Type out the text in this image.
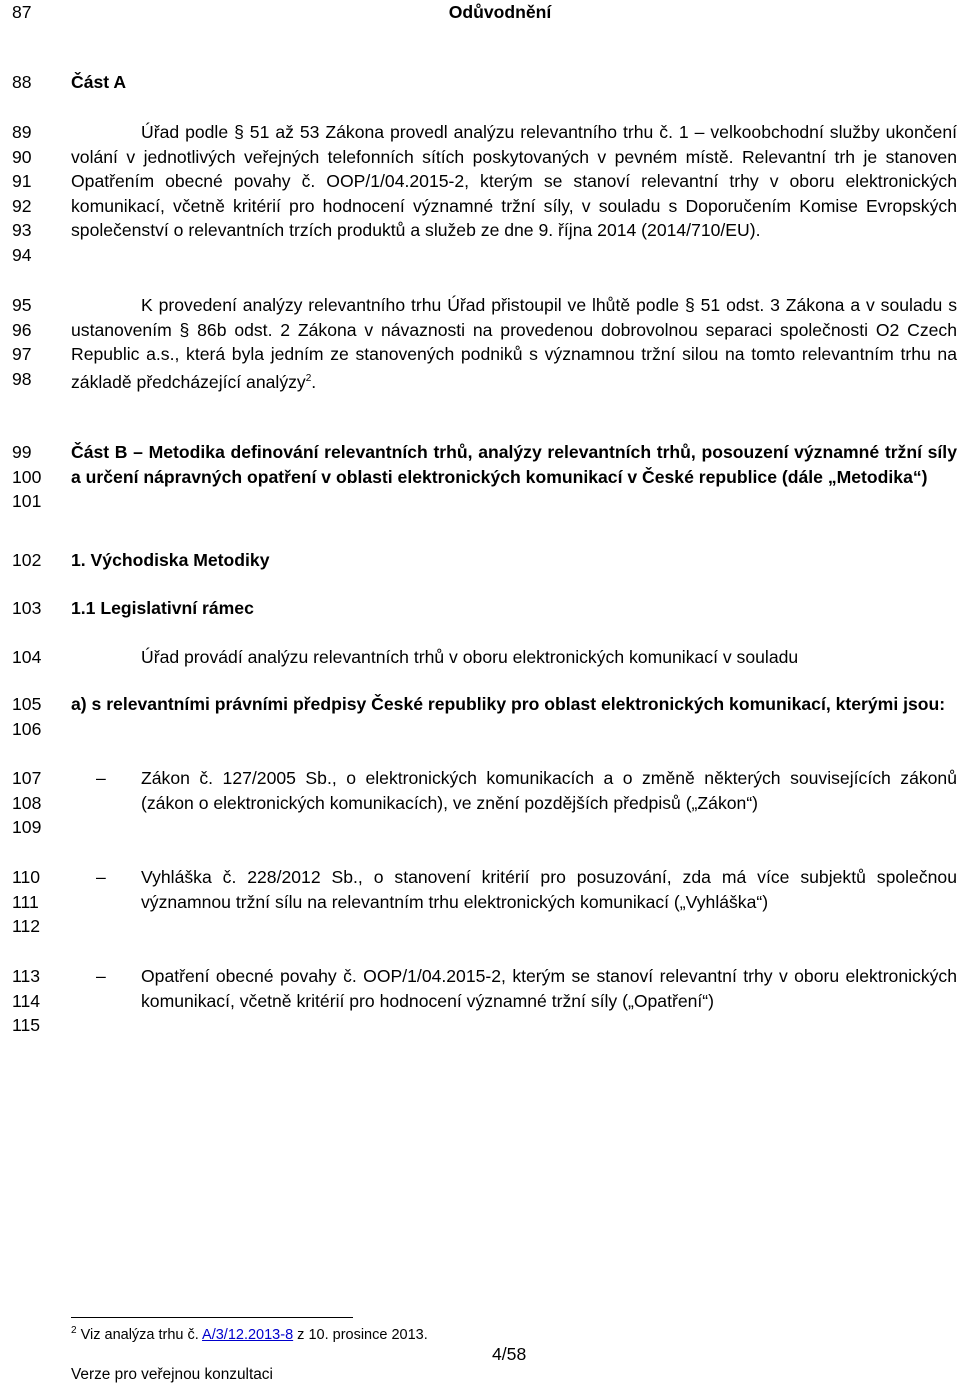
87	Odůvodnění
88	Část A
89
90
91
92
93
94

Úřad podle § 51 až 53 Zákona provedl analýzu relevantního trhu č. 1 – velkoobchodní služby ukončení volání v jednotlivých veřejných telefonních sítích poskytovaných v pevném místě. Relevantní trh je stanoven Opatřením obecné povahy č. OOP/1/04.2015-2, kterým se stanoví relevantní trhy v oboru elektronických komunikací, včetně kritérií pro hodnocení významné tržní síly, v souladu s Doporučením Komise Evropských společenství o relevantních trzích produktů a služeb ze dne 9. října 2014 (2014/710/EU).

95
96
97
98

K provedení analýzy relevantního trhu Úřad přistoupil ve lhůtě podle § 51 odst. 3 Zákona a v souladu s ustanovením § 86b odst. 2 Zákona v návaznosti na provedenou dobrovolnou separaci společnosti O2 Czech Republic a.s., která byla jedním ze stanovených podniků s významnou tržní silou na tomto relevantním trhu na základě předcházející analýzy$^2$.

99
100
101

Část B – Metodika definování relevantních trhů, analýzy relevantních trhů, posouzení významné tržní síly a určení nápravných opatření v oblasti elektronických komunikací v České republice (dále „Metodika“)

102	1. Východiska Metodiky
103	1.1 Legislativní rámec
104	Úřad provádí analýzu relevantních trhů v oboru elektronických komunikací v souladu
105
106

a) s relevantními právními předpisy České republiky pro oblast elektronických komunikací, kterými jsou:

107
108
109
–	Zákon č. 127/2005 Sb., o elektronických komunikacích a o změně některých souvisejících zákonů (zákon o elektronických komunikacích), ve znění pozdějších předpisů („Zákon“)
110
111
112
–	Vyhláška č. 228/2012 Sb., o stanovení kritérií pro posuzování, zda má více subjektů společnou významnou tržní sílu na relevantním trhu elektronických komunikací („Vyhláška“)
113
114
115
–	Opatření obecné povahy č. OOP/1/04.2015-2, kterým se stanoví relevantní trhy v oboru elektronických komunikací, včetně kritérií pro hodnocení významné tržní síly („Opatření“)
$^2$ Viz analýza trhu č. A/3/12.2013-8 z 10. prosince 2013.
4/58
Verze pro veřejnou konzultaci
